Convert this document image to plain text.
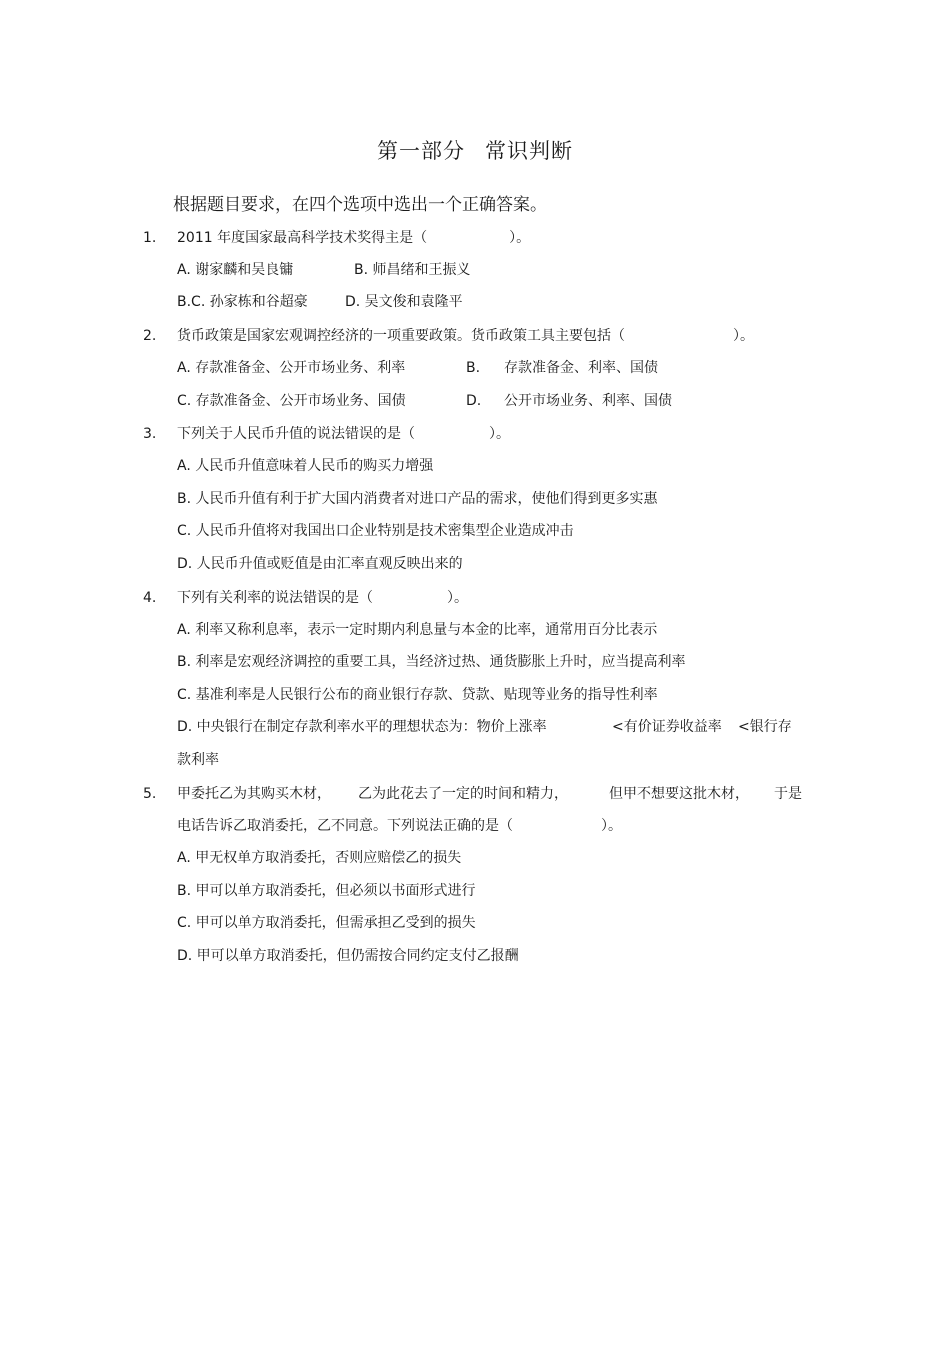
第一部分 常识判断
根据题目要求，在四个选项中选出一个正确答案。
1. 2011 年度国家最高科学技术奖得主是（	）。
A. 谢家麟和吴良镛	B. 师昌绪和王振义
B.C. 孙家栋和谷超豪	D. 吴文俊和袁隆平
2. 货币政策是国家宏观调控经济的一项重要政策。货币政策工具主要包括（	）。
A. 存款准备金、公开市场业务、利率	B. 存款准备金、利率、国债
C. 存款准备金、公开市场业务、国债	D. 公开市场业务、利率、国债
3. 下列关于人民币升值的说法错误的是（	）。
A. 人民币升值意味着人民币的购买力增强
B. 人民币升值有利于扩大国内消费者对进口产品的需求，使他们得到更多实惠
C. 人民币升值将对我国出口企业特别是技术密集型企业造成冲击
D. 人民币升值或贬值是由汇率直观反映出来的
4. 下列有关利率的说法错误的是（	）。
A. 利率又称利息率，表示一定时期内利息量与本金的比率，通常用百分比表示
B. 利率是宏观经济调控的重要工具，当经济过热、通货膨胀上升时，应当提高利率
C. 基准利率是人民银行公布的商业银行存款、贷款、贴现等业务的指导性利率
D. 中央银行在制定存款利率水平的理想状态为：物价上涨率	<有价证券收益率 <银行存
款利率
5. 甲委托乙为其购买木材， 乙为此花去了一定的时间和精力，	但甲不想要这批木材， 于是
电话告诉乙取消委托，乙不同意。下列说法正确的是（	）。
A. 甲无权单方取消委托，否则应赔偿乙的损失
B. 甲可以单方取消委托，但必须以书面形式进行
C. 甲可以单方取消委托，但需承担乙受到的损失
D. 甲可以单方取消委托，但仍需按合同约定支付乙报酬
